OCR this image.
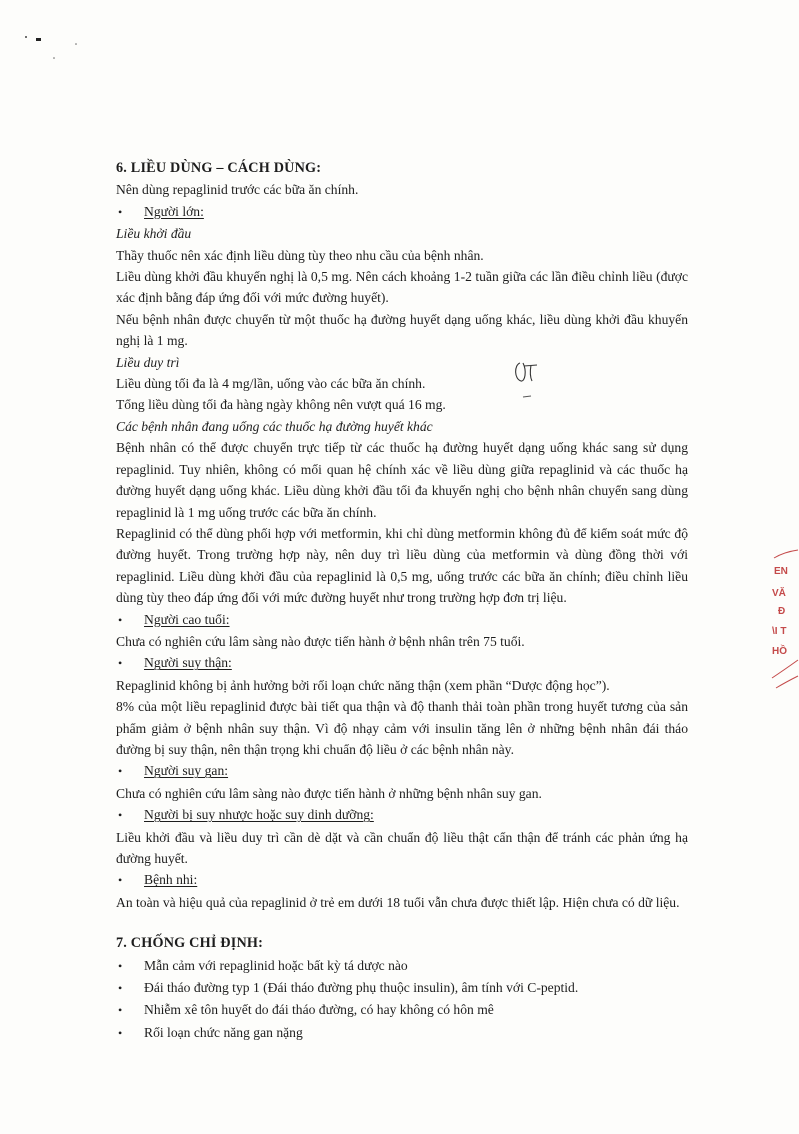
6. LIỀU DÙNG – CÁCH DÙNG:

Nên dùng repaglinid trước các bữa ăn chính.

•	Người lớn:

Liều khởi đầu

Thầy thuốc nên xác định liều dùng tùy theo nhu cầu của bệnh nhân.

Liều dùng khởi đầu khuyến nghị là 0,5 mg. Nên cách khoảng 1-2 tuần giữa các lần điều chỉnh liều (được xác định bằng đáp ứng đối với mức đường huyết).

Nếu bệnh nhân được chuyển từ một thuốc hạ đường huyết dạng uống khác, liều dùng khởi đầu khuyến nghị là 1 mg.

Liều duy trì

Liều dùng tối đa là 4 mg/lần, uống vào các bữa ăn chính.

Tổng liều dùng tối đa hàng ngày không nên vượt quá 16 mg.

Các bệnh nhân đang uống các thuốc hạ đường huyết khác

Bệnh nhân có thể được chuyển trực tiếp từ các thuốc hạ đường huyết dạng uống khác sang sử dụng repaglinid. Tuy nhiên, không có mối quan hệ chính xác về liều dùng giữa repaglinid và các thuốc hạ đường huyết dạng uống khác. Liều dùng khởi đầu tối đa khuyến nghị cho bệnh nhân chuyển sang dùng repaglinid là 1 mg uống trước các bữa ăn chính.

Repaglinid có thể dùng phối hợp với metformin, khi chỉ dùng metformin không đủ để kiểm soát mức độ đường huyết. Trong trường hợp này, nên duy trì liều dùng của metformin và dùng đồng thời với repaglinid. Liều dùng khởi đầu của repaglinid là 0,5 mg, uống trước các bữa ăn chính; điều chỉnh liều dùng tùy theo đáp ứng đối với mức đường huyết như trong trường hợp đơn trị liệu.

•	Người cao tuổi:

Chưa có nghiên cứu lâm sàng nào được tiến hành ở bệnh nhân trên 75 tuổi.

•	Người suy thận:

Repaglinid không bị ảnh hưởng bởi rối loạn chức năng thận (xem phần “Dược động học”).

8% của một liều repaglinid được bài tiết qua thận và độ thanh thải toàn phần trong huyết tương của sản phẩm giảm ở bệnh nhân suy thận. Vì độ nhạy cảm với insulin tăng lên ở những bệnh nhân đái tháo đường bị suy thận, nên thận trọng khi chuẩn độ liều ở các bệnh nhân này.

•	Người suy gan:

Chưa có nghiên cứu lâm sàng nào được tiến hành ở những bệnh nhân suy gan.

•	Người bị suy nhược hoặc suy dinh dưỡng:

Liều khởi đầu và liều duy trì cần dè dặt và cần chuẩn độ liều thật cẩn thận để tránh các phản ứng hạ đường huyết.

•	Bệnh nhi:

An toàn và hiệu quả của repaglinid ở trẻ em dưới 18 tuổi vẫn chưa được thiết lập. Hiện chưa có dữ liệu.

7. CHỐNG CHỈ ĐỊNH:

•	Mẫn cảm với repaglinid hoặc bất kỳ tá dược nào
•	Đái tháo đường typ 1 (Đái tháo đường phụ thuộc insulin), âm tính với C-peptid.
•	Nhiễm xê tôn huyết do đái tháo đường, có hay không có hôn mê
•	Rối loạn chức năng gan nặng
EN
VĂ
Đ
\I T
HỒ
